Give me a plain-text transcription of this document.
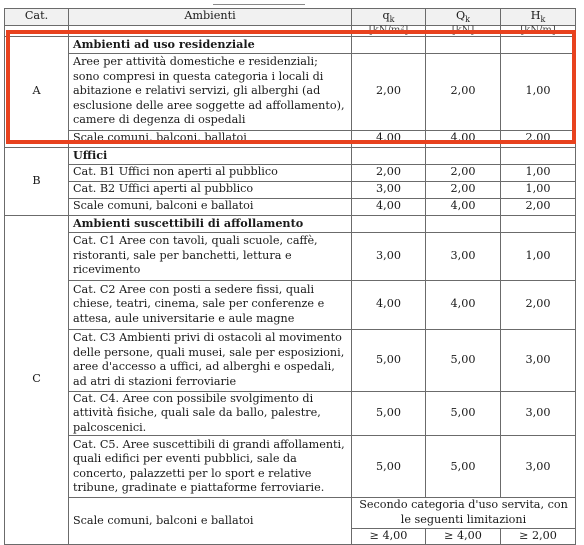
Cat.	Ambienti	$q_k$	$Q_k$	$H_k$
		[kN/m²]	[kN]	[kN/m]
A	Ambienti ad uso residenziale			
	Aree per attività domestiche e residenziali; sono compresi in questa categoria i locali di abitazione e relativi servizi, gli alberghi (ad esclusione delle aree soggette ad affollamento), camere di degenza di ospedali	2,00	2,00	1,00
	Scale comuni, balconi, ballatoi	4,00	4,00	2,00
B	Uffici			
	Cat. B1 Uffici non aperti al pubblico	2,00	2,00	1,00
	Cat. B2 Uffici aperti al pubblico	3,00	2,00	1,00
	Scale comuni, balconi e ballatoi	4,00	4,00	2,00
C	Ambienti suscettibili di affollamento			
	Cat. C1 Aree con tavoli, quali scuole, caffè, ristoranti, sale per banchetti, lettura e ricevimento	3,00	3,00	1,00
	Cat. C2 Aree con posti a sedere fissi, quali chiese, teatri, cinema, sale per conferenze e attesa, aule universitarie e aule magne	4,00	4,00	2,00
	Cat. C3 Ambienti privi di ostacoli al movimento delle persone, quali musei, sale per esposizioni, aree d'accesso a uffici, ad alberghi e ospedali, ad atri di stazioni ferroviarie	5,00	5,00	3,00
	Cat. C4. Aree con possibile svolgimento di attività fisiche, quali sale da ballo, palestre, palcoscenici.	5,00	5,00	3,00
	Cat. C5. Aree suscettibili di grandi affollamenti, quali edifici per eventi pubblici, sale da concerto, palazzetti per lo sport e relative tribune, gradinate e piattaforme ferroviarie.	5,00	5,00	3,00
	Scale comuni, balconi e ballatoi	Secondo categoria d'uso servita, con le seguenti limitazioni		
		≥ 4,00	≥ 4,00	≥ 2,00
